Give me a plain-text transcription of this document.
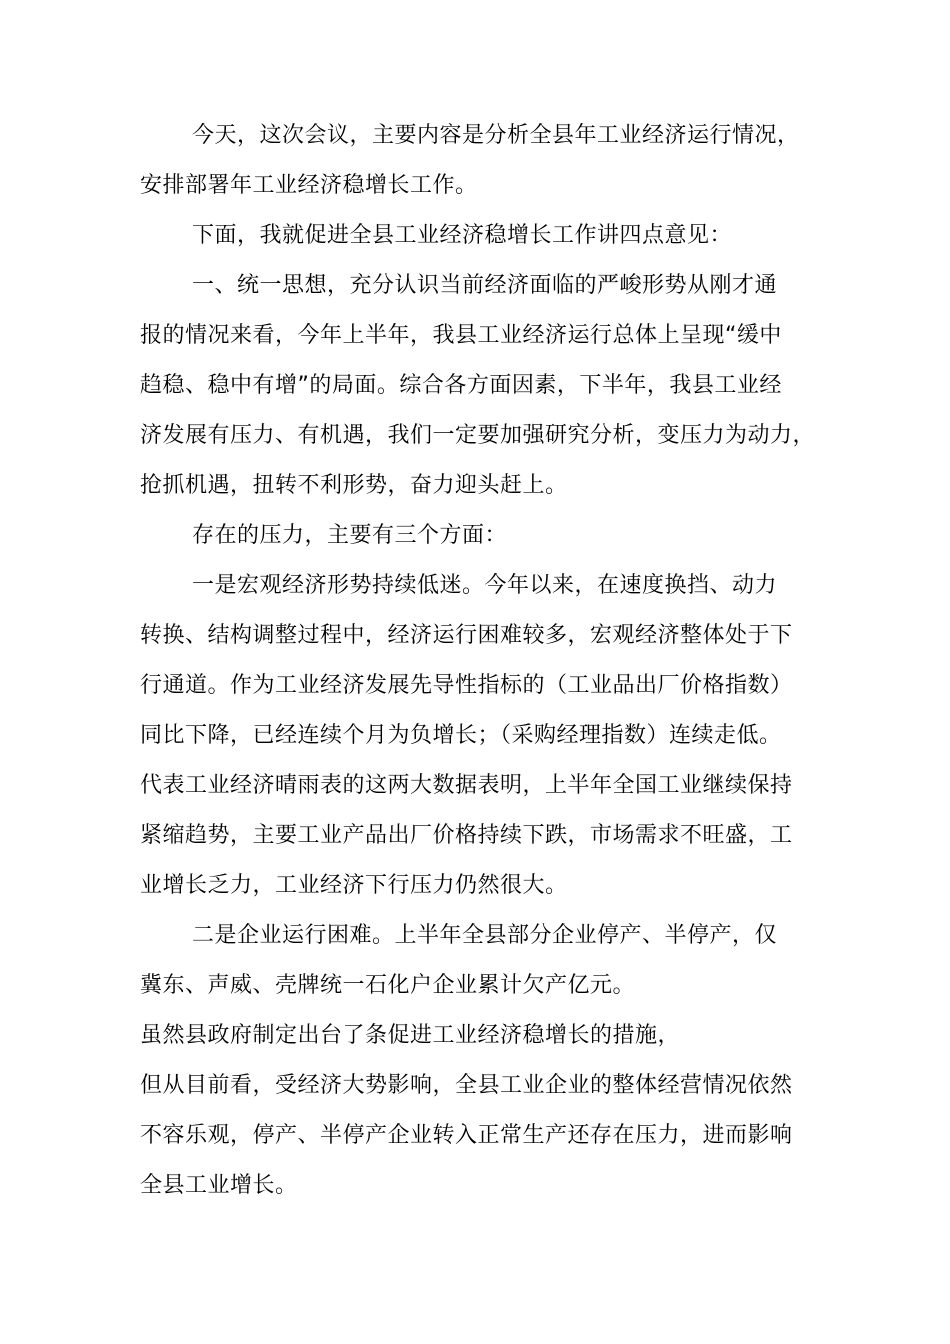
今天，这次会议，主要内容是分析全县年工业经济运行情况，
安排部署年工业经济稳增长工作。
下面，我就促进全县工业经济稳增长工作讲四点意见：
一、统一思想，充分认识当前经济面临的严峻形势从刚才通
报的情况来看，今年上半年，我县工业经济运行总体上呈现“缓中
趋稳、稳中有增”的局面。综合各方面因素，下半年，我县工业经
济发展有压力、有机遇，我们一定要加强研究分析，变压力为动力，
抢抓机遇，扭转不利形势，奋力迎头赶上。
存在的压力，主要有三个方面：
一是宏观经济形势持续低迷。今年以来，在速度换挡、动力
转换、结构调整过程中，经济运行困难较多，宏观经济整体处于下
行通道。作为工业经济发展先导性指标的（工业品出厂价格指数）
同比下降，已经连续个月为负增长；（采购经理指数）连续走低。
代表工业经济晴雨表的这两大数据表明，上半年全国工业继续保持
紧缩趋势，主要工业产品出厂价格持续下跌，市场需求不旺盛，工
业增长乏力，工业经济下行压力仍然很大。
二是企业运行困难。上半年全县部分企业停产、半停产，仅
冀东、声威、壳牌统一石化户企业累计欠产亿元。
虽然县政府制定出台了条促进工业经济稳增长的措施，
但从目前看，受经济大势影响，全县工业企业的整体经营情况依然
不容乐观，停产、半停产企业转入正常生产还存在压力，进而影响
全县工业增长。
